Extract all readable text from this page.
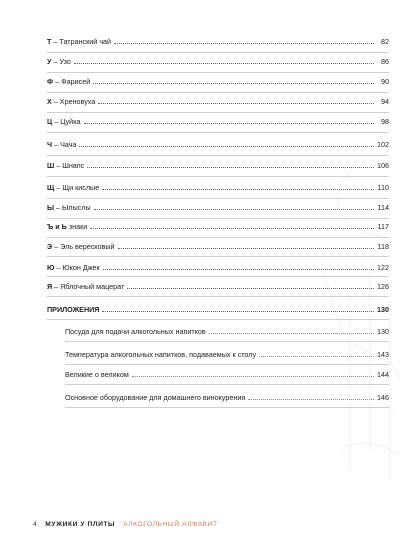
Т – Татранский чай	82
У – Узо	86
Ф – Фарисей	90
Х – Хреновуха	94
Ц – Цуйка	98
Ч – Чача	102
Ш – Шнапс	106
Щ – Щи кислые	110
Ы – Ылыслы	114
Ъ и Ь знаки	117
Э – Эль вересковый	118
Ю – Юкон Джек	122
Я – Яблочный мацерат	126
ПРИЛОЖЕНИЯ	130
Посуда для подачи алкогольных напитков	130
Температура алкогольных напитков, подаваемых к столу	143
Великие о великом	144
Основное оборудование для домашнего винокурения	146
4 МУЖИКИ У ПЛИТЫ АЛКОГОЛЬНЫЙ АЛФАВИТ
